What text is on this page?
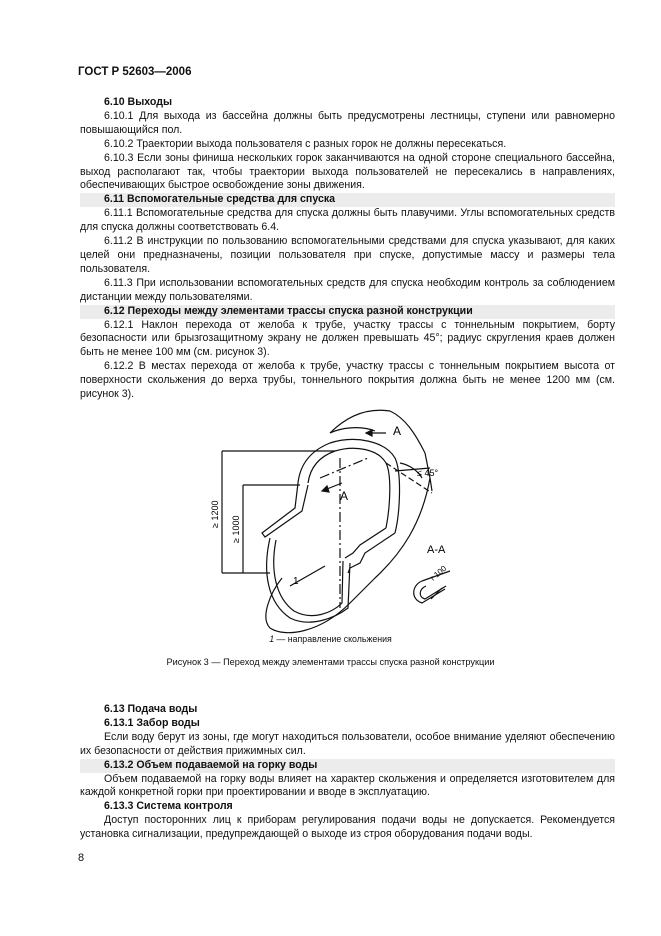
ГОСТ Р 52603—2006

6.10 Выходы

6.10.1 Для выхода из бассейна должны быть предусмотрены лестницы, ступени или равномерно повышающийся пол.

6.10.2 Траектории выхода пользователя с разных горок не должны пересекаться.

6.10.3 Если зоны финиша нескольких горок заканчиваются на одной стороне специального бассейна, выход располагают так, чтобы траектории выхода пользователей не пересекались в направлениях, обеспечивающих быстрое освобождение зоны движения.

6.11 Вспомогательные средства для спуска

6.11.1 Вспомогательные средства для спуска должны быть плавучими. Углы вспомогательных средств для спуска должны соответствовать 6.4.

6.11.2 В инструкции по пользованию вспомогательными средствами для спуска указывают, для каких целей они предназначены, позиции пользователя при спуске, допустимые массу и размеры тела пользователя.

6.11.3 При использовании вспомогательных средств для спуска необходим контроль за соблюдением дистанции между пользователями.

6.12 Переходы между элементами трассы спуска разной конструкции

6.12.1 Наклон перехода от желоба к трубе, участку трассы с тоннельным покрытием, борту безопасности или брызгозащитному экрану не должен превышать 45°; радиус скругления краев должен быть не менее 100 мм (см. рисунок 3).

6.12.2 В местах перехода от желоба к трубе, участку трассы с тоннельным покрытием высота от поверхности скольжения до верха трубы, тоннельного покрытия должна быть не менее 1200 мм (см. рисунок 3).

A
A
≤ 45°
≥ 1200
≥ 1000
A-A
r 100
1
1 — направление скольжения
Рисунок 3 — Переход между элементами трассы спуска разной конструкции

6.13 Подача воды

6.13.1 Забор воды

Если воду берут из зоны, где могут находиться пользователи, особое внимание уделяют обеспечению их безопасности от действия прижимных сил.

6.13.2 Объем подаваемой на горку воды

Объем подаваемой на горку воды влияет на характер скольжения и определяется изготовителем для каждой конкретной горки при проектировании и вводе в эксплуатацию.

6.13.3 Система контроля

Доступ посторонних лиц к приборам регулирования подачи воды не допускается. Рекомендуется установка сигнализации, предупреждающей о выходе из строя оборудования подачи воды.

8
